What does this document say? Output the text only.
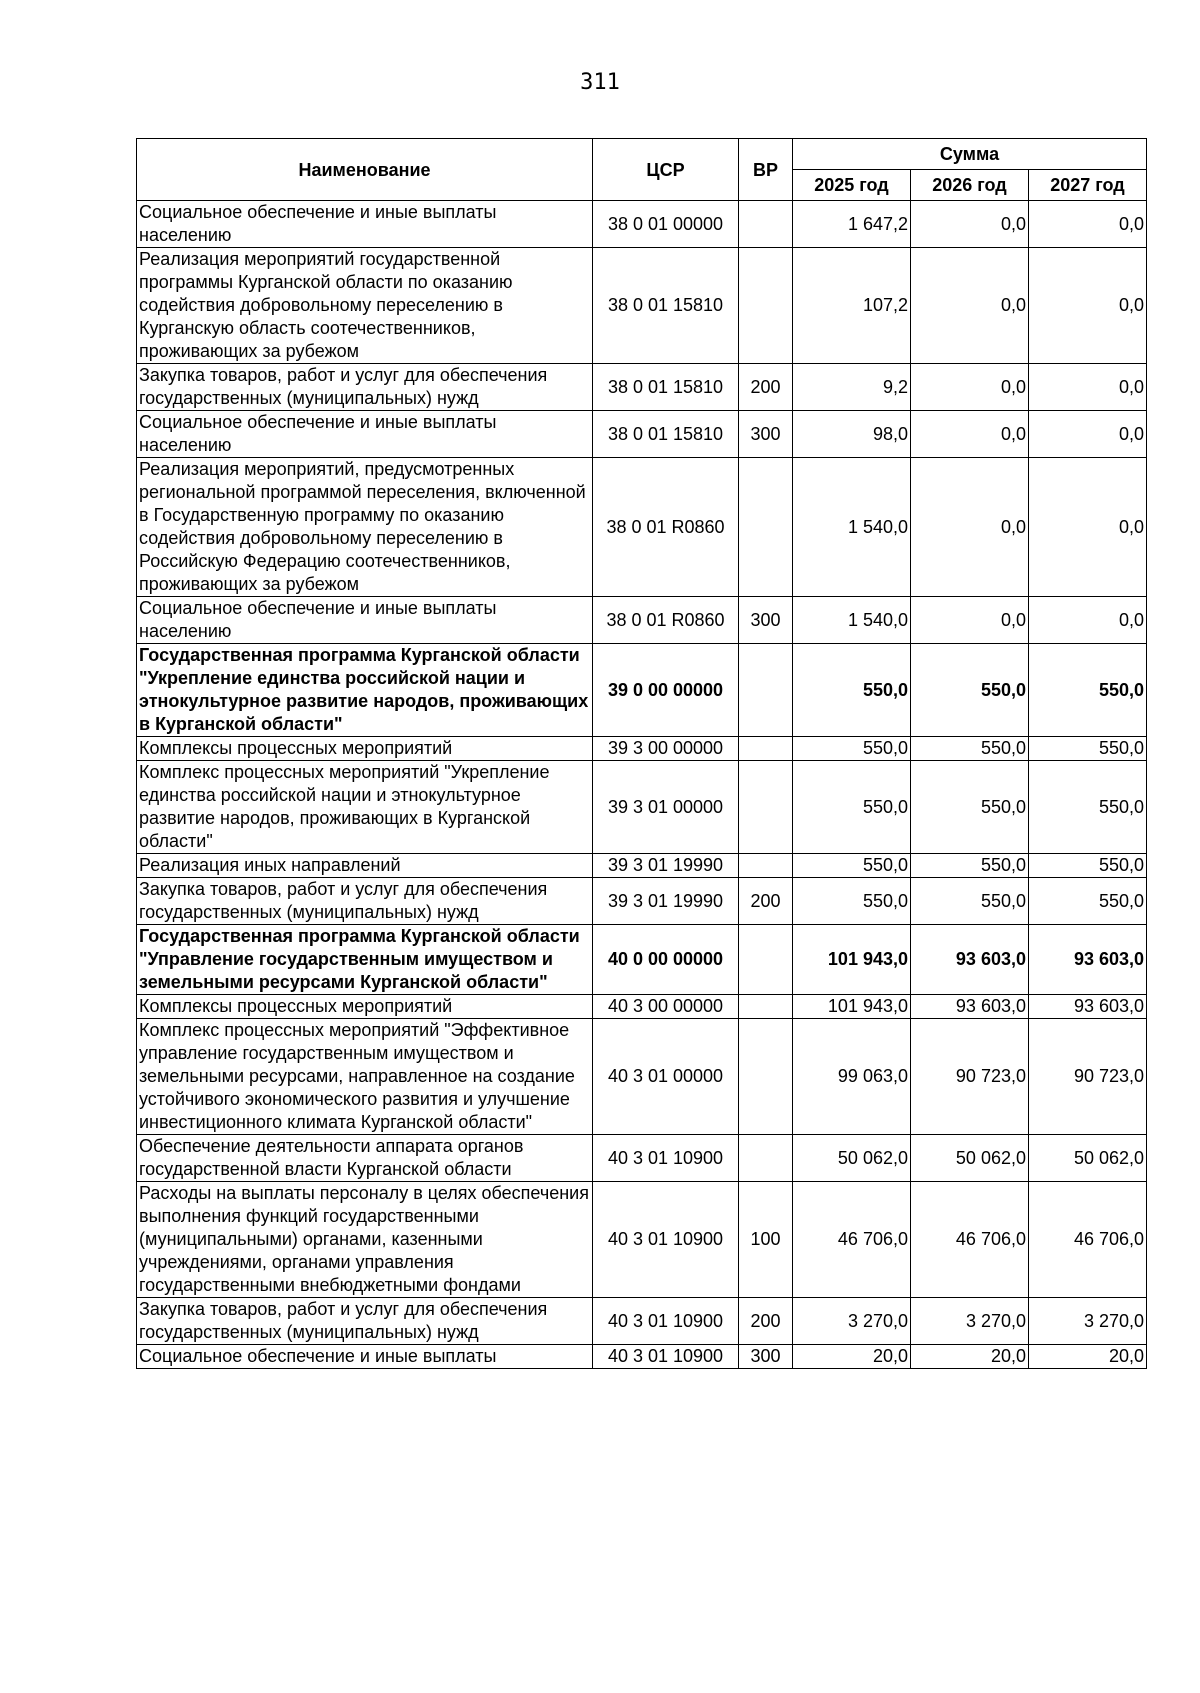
311
Наименование	ЦСР	ВР	Сумма		
			2025 год	2026 год	2027 год
Социальное обеспечение и иные выплаты населению	38 0 01 00000		1 647,2	0,0	0,0
Реализация мероприятий государственной программы Курганской области по оказанию содействия добровольному переселению в Курганскую область соотечественников, проживающих за рубежом	38 0 01 15810		107,2	0,0	0,0
Закупка товаров, работ и услуг для обеспечения государственных (муниципальных) нужд	38 0 01 15810	200	9,2	0,0	0,0
Социальное обеспечение и иные выплаты населению	38 0 01 15810	300	98,0	0,0	0,0
Реализация мероприятий, предусмотренных региональной программой переселения, включенной в Государственную программу по оказанию содействия добровольному переселению в Российскую Федерацию соотечественников, проживающих за рубежом	38 0 01 R0860		1 540,0	0,0	0,0
Социальное обеспечение и иные выплаты населению	38 0 01 R0860	300	1 540,0	0,0	0,0
Государственная программа Курганской области "Укрепление единства российской нации и этнокультурное развитие народов, проживающих в Курганской области"	39 0 00 00000		550,0	550,0	550,0
Комплексы процессных мероприятий	39 3 00 00000		550,0	550,0	550,0
Комплекс процессных мероприятий "Укрепление единства российской нации и этнокультурное развитие народов, проживающих в Курганской области"	39 3 01 00000		550,0	550,0	550,0
Реализация иных направлений	39 3 01 19990		550,0	550,0	550,0
Закупка товаров, работ и услуг для обеспечения государственных (муниципальных) нужд	39 3 01 19990	200	550,0	550,0	550,0
Государственная программа Курганской области "Управление государственным имуществом и земельными ресурсами Курганской области"	40 0 00 00000		101 943,0	93 603,0	93 603,0
Комплексы процессных мероприятий	40 3 00 00000		101 943,0	93 603,0	93 603,0
Комплекс процессных мероприятий "Эффективное управление государственным имуществом и земельными ресурсами, направленное на создание устойчивого экономического развития и улучшение инвестиционного климата Курганской области"	40 3 01 00000		99 063,0	90 723,0	90 723,0
Обеспечение деятельности аппарата органов государственной власти Курганской области	40 3 01 10900		50 062,0	50 062,0	50 062,0
Расходы на выплаты персоналу в целях обеспечения выполнения функций государственными (муниципальными) органами, казенными учреждениями, органами управления государственными внебюджетными фондами	40 3 01 10900	100	46 706,0	46 706,0	46 706,0
Закупка товаров, работ и услуг для обеспечения государственных (муниципальных) нужд	40 3 01 10900	200	3 270,0	3 270,0	3 270,0
Социальное обеспечение и иные выплаты	40 3 01 10900	300	20,0	20,0	20,0
